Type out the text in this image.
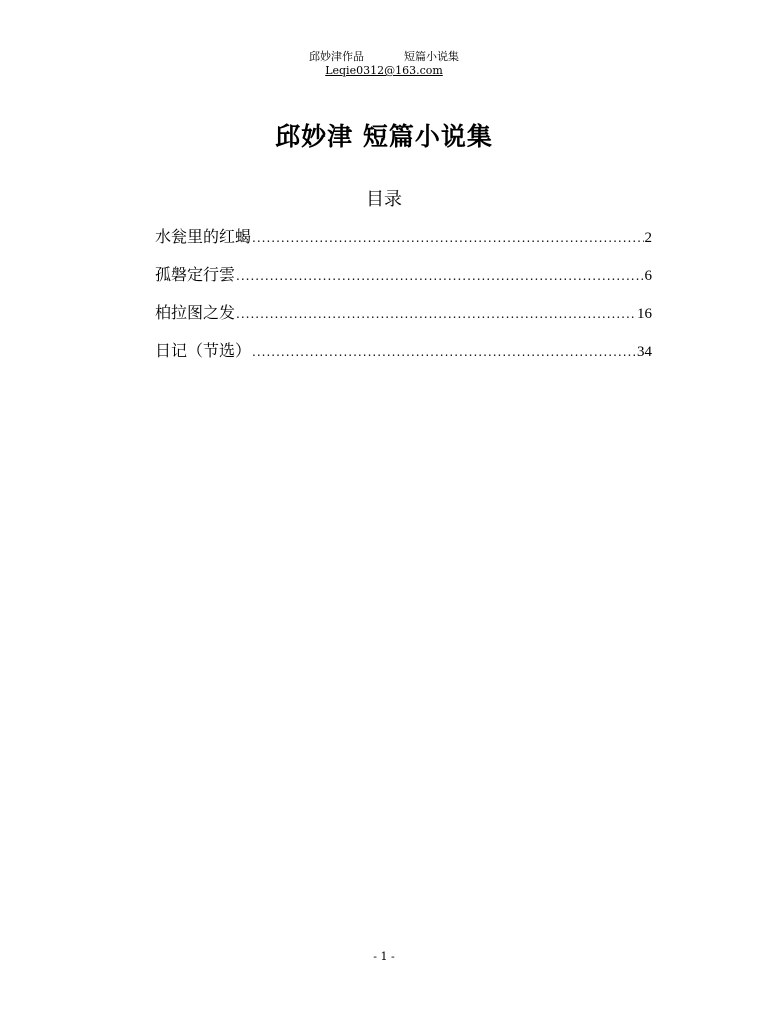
邱妙津作品	短篇小说集
Leqie0312@163.com
邱妙津 短篇小说集
目录
水瓮里的红蝎 .....	2
孤磐定行雲 .....	6
柏拉图之发 .....	16
日记（节选） .....	34
- 1 -
